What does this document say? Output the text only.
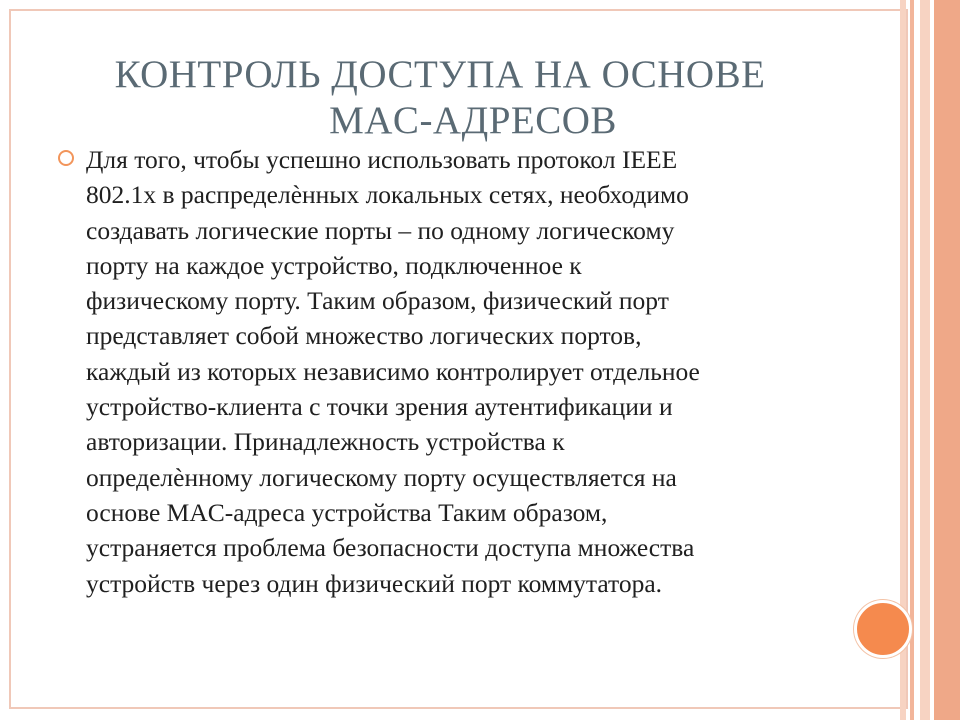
КОНТРОЛЬ ДОСТУПА НА ОСНОВЕ
MAC-АДРЕСОВ
Для того, чтобы успешно использовать протокол IEEE
802.1x в распределèнных локальных сетях, необходимо
создавать логические порты – по одному логическому
порту на каждое устройство, подключенное к
физическому порту. Таким образом, физический порт
представляет собой множество логических портов,
каждый из которых независимо контролирует отдельное
устройство-клиента с точки зрения аутентификации и
авторизации. Принадлежность устройства к
определèнному логическому порту осуществляется на
основе MAC-адреса устройства Таким образом,
устраняется проблема безопасности доступа множества
устройств через один физический порт коммутатора.
